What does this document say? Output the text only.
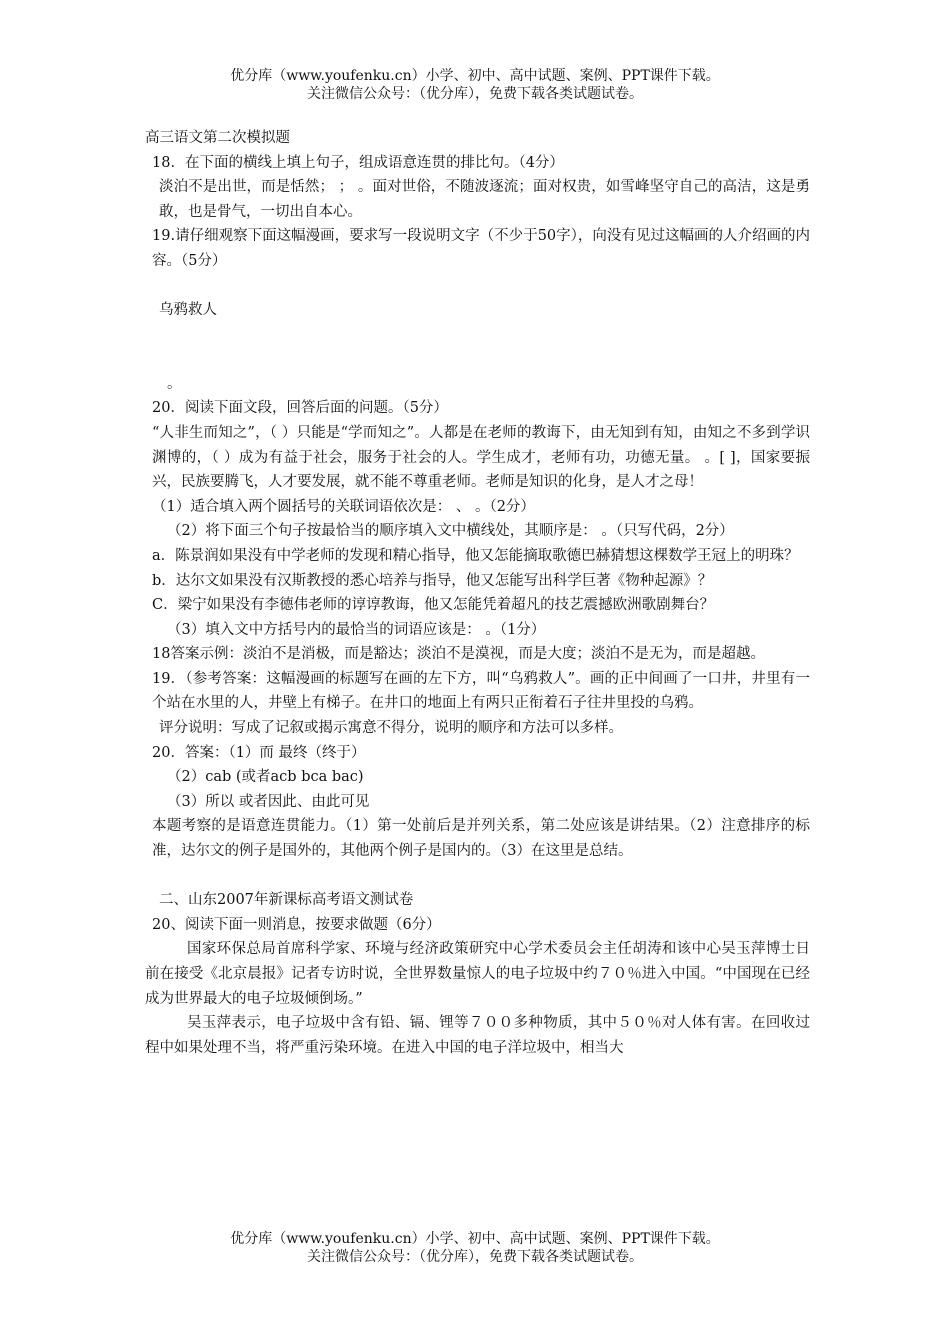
优分库（www.youfenku.cn）小学、初中、高中试题、案例、PPT课件下载。
关注微信公众号：（优分库），免费下载各类试题试卷。

高三语文第二次模拟题

18．在下面的横线上填上句子，组成语意连贯的排比句。（4分）

淡泊不是出世，而是恬然； ； 。面对世俗，不随波逐流；面对权贵，如雪峰坚守自己的高洁，这是勇敢，也是骨气，一切出自本心。

19.请仔细观察下面这幅漫画，要求写一段说明文字（不少于50字），向没有见过这幅画的人介绍画的内容。（5分）

乌鸦救人

。

20．阅读下面文段，回答后面的问题。（5分）

“人非生而知之”，（ ）只能是“学而知之”。人都是在老师的教诲下，由无知到有知，由知之不多到学识渊博的，（ ）成为有益于社会，服务于社会的人。学生成才，老师有功，功德无量。 。[ ]，国家要振兴，民族要腾飞，人才要发展，就不能不尊重老师。老师是知识的化身，是人才之母！

（1）适合填入两个圆括号的关联词语依次是： 、 。（2分）

（2）将下面三个句子按最恰当的顺序填入文中横线处，其顺序是： 。（只写代码，2分）

a．陈景润如果没有中学老师的发现和精心指导，他又怎能摘取歌德巴赫猜想这棵数学王冠上的明珠？

b．达尔文如果没有汉斯教授的悉心培养与指导，他又怎能写出科学巨著《物种起源》？

C．梁宁如果没有李德伟老师的谆谆教诲，他又怎能凭着超凡的技艺震撼欧洲歌剧舞台？

（3）填入文中方括号内的最恰当的词语应该是： 。（1分）

18答案示例：淡泊不是消极，而是豁达；淡泊不是漠视，而是大度；淡泊不是无为，而是超越。

19．（参考答案：这幅漫画的标题写在画的左下方，叫“乌鸦救人”。画的正中间画了一口井，井里有一个站在水里的人，井壁上有梯子。在井口的地面上有两只正衔着石子往井里投的乌鸦。

评分说明：写成了记叙或揭示寓意不得分，说明的顺序和方法可以多样。

20．答案：（1）而 最终（终于）

（2）cab (或者acb bca bac)

（3）所以 或者因此、由此可见

本题考察的是语意连贯能力。（1）第一处前后是并列关系，第二处应该是讲结果。（2）注意排序的标准，达尔文的例子是国外的，其他两个例子是国内的。（3）在这里是总结。

二、山东2007年新课标高考语文测试卷

20、阅读下面一则消息，按要求做题（6分）

国家环保总局首席科学家、环境与经济政策研究中心学术委员会主任胡涛和该中心吴玉萍博士日前在接受《北京晨报》记者专访时说，全世界数量惊人的电子垃圾中约７０％进入中国。“中国现在已经成为世界最大的电子垃圾倾倒场。”

吴玉萍表示，电子垃圾中含有铅、镉、锂等７００多种物质，其中５０％对人体有害。在回收过程中如果处理不当，将严重污染环境。在进入中国的电子洋垃圾中，相当大

优分库（www.youfenku.cn）小学、初中、高中试题、案例、PPT课件下载。
关注微信公众号：（优分库），免费下载各类试题试卷。
